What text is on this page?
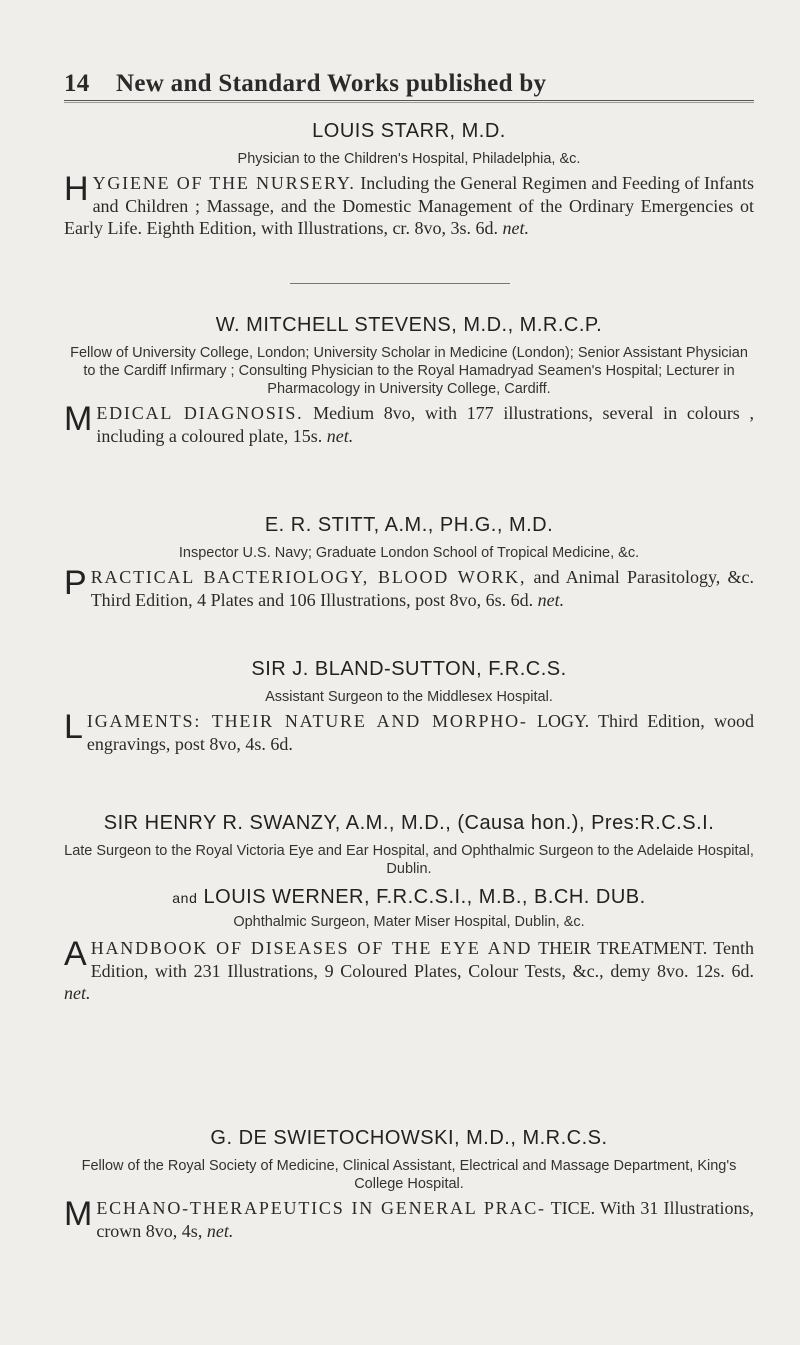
14	New and Standard Works published by
LOUIS STARR, M.D.
Physician to the Children's Hospital, Philadelphia, &c.
H YGIENE OF THE NURSERY. Including the General Regimen and Feeding of Infants and Children ; Massage, and the Domestic Management of the Ordinary Emergencies ot Early Life. Eighth Edition, with Illustrations, cr. 8vo, 3s. 6d. net.
W. MITCHELL STEVENS, M.D., M.R.C.P.
Fellow of University College, London; University Scholar in Medicine (London); Senior Assistant Physician to the Cardiff Infirmary ; Consulting Physician to the Royal Hamadryad Seamen's Hospital; Lecturer in Pharmacology in University College, Cardiff.
M EDICAL DIAGNOSIS. Medium 8vo, with 177 illustrations, several in colours , including a coloured plate, 15s. net.
E. R. STITT, A.M., PH.G., M.D.
Inspector U.S. Navy; Graduate London School of Tropical Medicine, &c.
P RACTICAL BACTERIOLOGY, BLOOD WORK, and Animal Parasitology, &c. Third Edition, 4 Plates and 106 Illustrations, post 8vo, 6s. 6d. net.
SIR J. BLAND-SUTTON, F.R.C.S.
Assistant Surgeon to the Middlesex Hospital.
L IGAMENTS: THEIR NATURE AND MORPHO- LOGY. Third Edition, wood engravings, post 8vo, 4s. 6d.
SIR HENRY R. SWANZY, A.M., M.D., (Causa hon.), Pres:R.C.S.I.
Late Surgeon to the Royal Victoria Eye and Ear Hospital, and Ophthalmic Surgeon to the Adelaide Hospital, Dublin.
and LOUIS WERNER, F.R.C.S.I., M.B., B.CH. DUB.
Ophthalmic Surgeon, Mater Miser Hospital, Dublin, &c.
A HANDBOOK OF DISEASES OF THE EYE AND THEIR TREATMENT. Tenth Edition, with 231 Illustrations, 9 Coloured Plates, Colour Tests, &c., demy 8vo. 12s. 6d. net.
G. DE SWIETOCHOWSKI, M.D., M.R.C.S.
Fellow of the Royal Society of Medicine, Clinical Assistant, Electrical and Massage Department, King's College Hospital.
M ECHANO-THERAPEUTICS IN GENERAL PRAC- TICE. With 31 Illustrations, crown 8vo, 4s, net.
